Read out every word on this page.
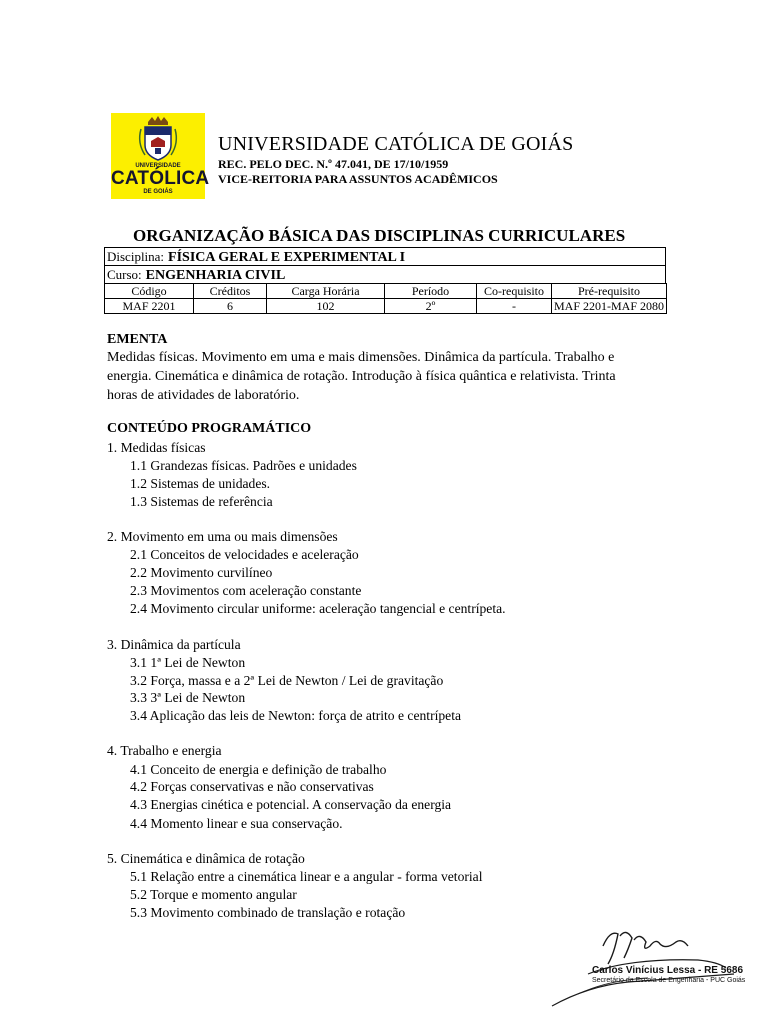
UNIVERSIDADE
CATÓLICA
DE GOIÁS
UNIVERSIDADE CATÓLICA DE GOIÁS
REC. PELO DEC. N.º 47.041, DE 17/10/1959
VICE-REITORIA PARA ASSUNTOS ACADÊMICOS
ORGANIZAÇÃO BÁSICA DAS DISCIPLINAS CURRICULARES
Disciplina: FÍSICA GERAL E EXPERIMENTAL I
Curso: ENGENHARIA CIVIL
Código	Créditos	Carga Horária	Período	Co-requisito	Pré-requisito
MAF 2201	6	102	2º	-	MAF 2201-MAF 2080
EMENTA
Medidas físicas. Movimento em uma e mais dimensões. Dinâmica da partícula. Trabalho e
energia. Cinemática e dinâmica de rotação. Introdução à física quântica e relativista. Trinta
horas de atividades de laboratório.
CONTEÚDO PROGRAMÁTICO
1. Medidas físicas
1.1 Grandezas físicas. Padrões e unidades
1.2 Sistemas de unidades.
1.3 Sistemas de referência
2. Movimento em uma ou mais dimensões
2.1 Conceitos de velocidades e aceleração
2.2 Movimento curvilíneo
2.3 Movimentos com aceleração constante
2.4 Movimento circular uniforme: aceleração tangencial e centrípeta.
3. Dinâmica da partícula
3.1 1ª Lei de Newton
3.2 Força, massa e a 2ª Lei de Newton / Lei de gravitação
3.3 3ª Lei de Newton
3.4 Aplicação das leis de Newton: força de atrito e centrípeta
4. Trabalho e energia
4.1 Conceito de energia e definição de trabalho
4.2 Forças conservativas e não conservativas
4.3 Energias cinética e potencial. A conservação da energia
4.4 Momento linear e sua conservação.
5. Cinemática e dinâmica de rotação
5.1 Relação entre a cinemática linear e a angular - forma vetorial
5.2 Torque e momento angular
5.3 Movimento combinado de translação e rotação
Carlos Vinícius Lessa - RE 5686
Secretário da Escola de Engenharia - PUC Goiás
